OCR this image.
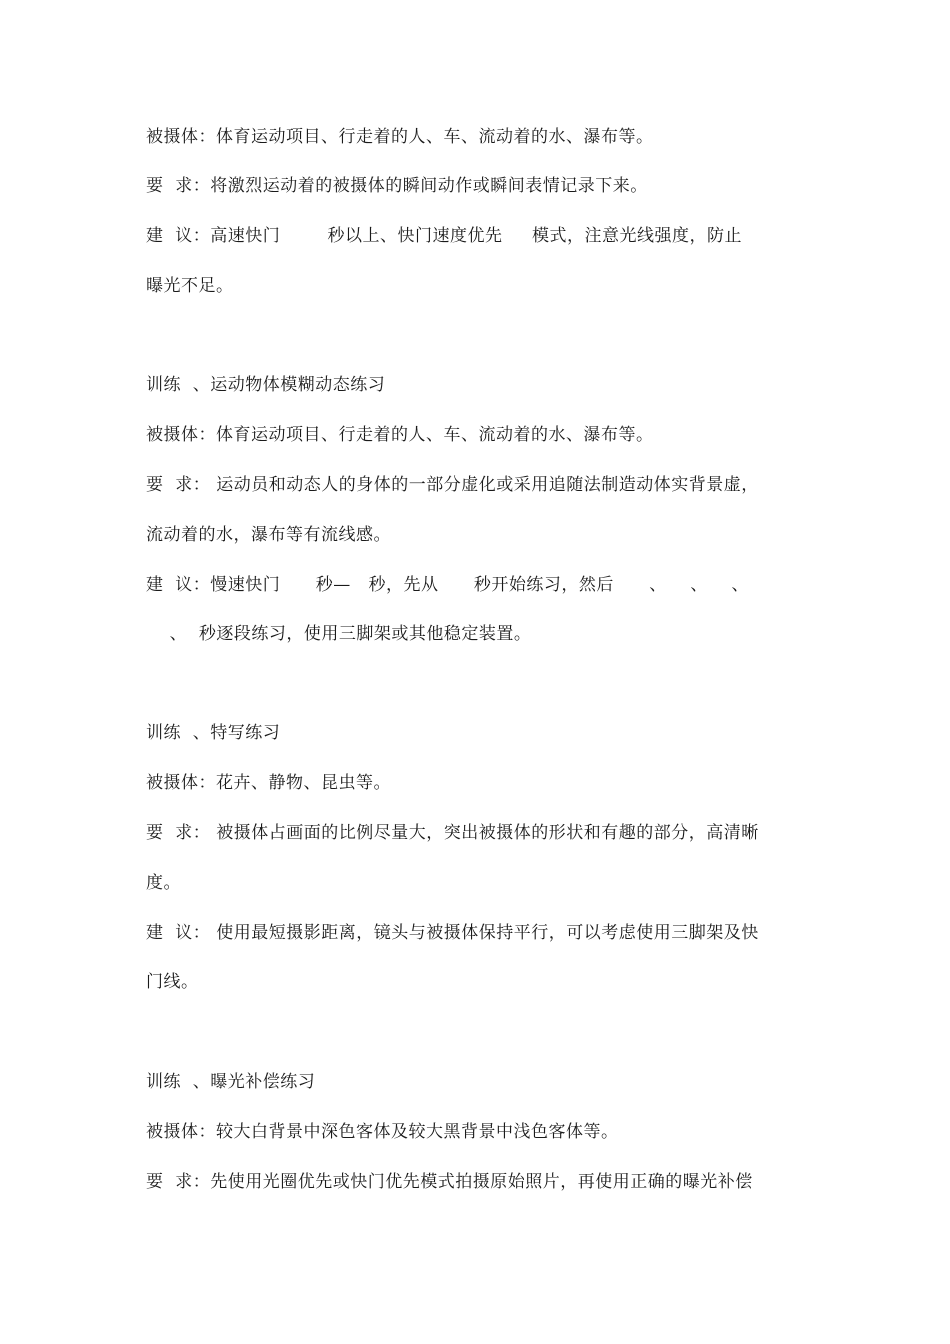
被摄体：体育运动项目、行走着的人、车、流动着的水、瀑布等。
要  求：将激烈运动着的被摄体的瞬间动作或瞬间表情记录下来。
建  议：高速快门        秒以上、快门速度优先     模式，注意光线强度，防止
曝光不足。
训练  、运动物体模糊动态练习
被摄体：体育运动项目、行走着的人、车、流动着的水、瀑布等。
要  求： 运动员和动态人的身体的一部分虚化或采用追随法制造动体实背景虚，
流动着的水，瀑布等有流线感。
建  议：慢速快门      秒—   秒，先从      秒开始练习，然后      、    、    、
、  秒逐段练习，使用三脚架或其他稳定装置。
训练  、特写练习
被摄体：花卉、静物、昆虫等。
要  求： 被摄体占画面的比例尽量大，突出被摄体的形状和有趣的部分，高清晰
度。
建  议： 使用最短摄影距离，镜头与被摄体保持平行，可以考虑使用三脚架及快
门线。
训练  、曝光补偿练习
被摄体：较大白背景中深色客体及较大黑背景中浅色客体等。
要  求：先使用光圈优先或快门优先模式拍摄原始照片，再使用正确的曝光补偿
